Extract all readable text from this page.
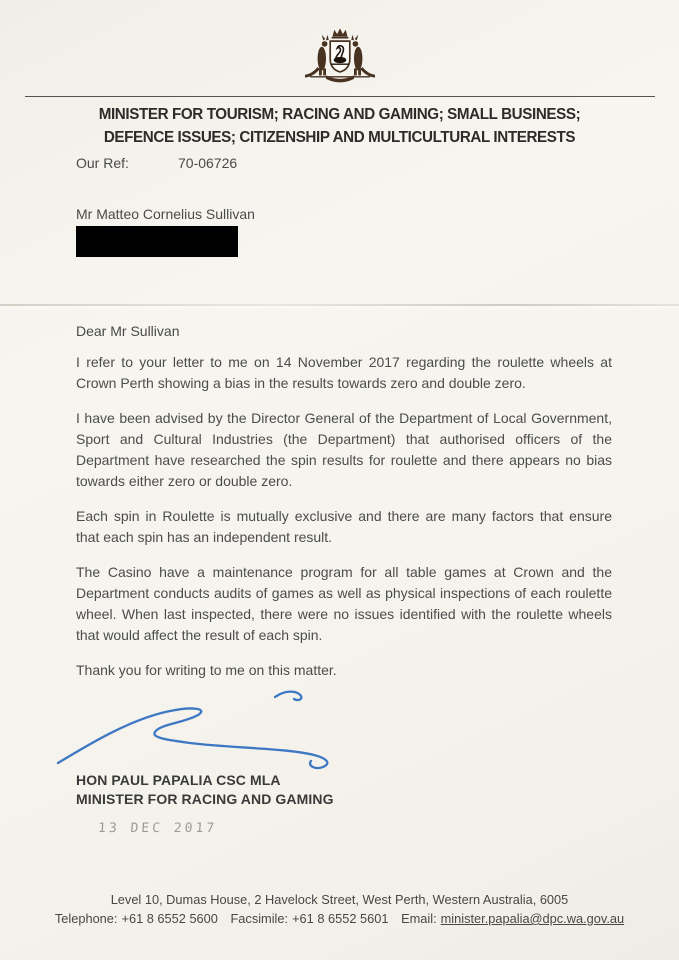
MINISTER FOR TOURISM; RACING AND GAMING; SMALL BUSINESS;
DEFENCE ISSUES; CITIZENSHIP AND MULTICULTURAL INTERESTS
Our Ref:	70-06726
Mr Matteo Cornelius Sullivan
Dear Mr Sullivan

I refer to your letter to me on 14 November 2017 regarding the roulette wheels at Crown Perth showing a bias in the results towards zero and double zero.

I have been advised by the Director General of the Department of Local Government, Sport and Cultural Industries (the Department) that authorised officers of the Department have researched the spin results for roulette and there appears no bias towards either zero or double zero.

Each spin in Roulette is mutually exclusive and there are many factors that ensure that each spin has an independent result.

The Casino have a maintenance program for all table games at Crown and the Department conducts audits of games as well as physical inspections of each roulette wheel. When last inspected, there were no issues identified with the roulette wheels that would affect the result of each spin.

Thank you for writing to me on this matter.

HON PAUL PAPALIA CSC MLA
MINISTER FOR RACING AND GAMING
13 DEC 2017
Level 10, Dumas House, 2 Havelock Street, West Perth, Western Australia, 6005
Telephone: +61 8 6552 5600 Facsimile: +61 8 6552 5601 Email: minister.papalia@dpc.wa.gov.au
